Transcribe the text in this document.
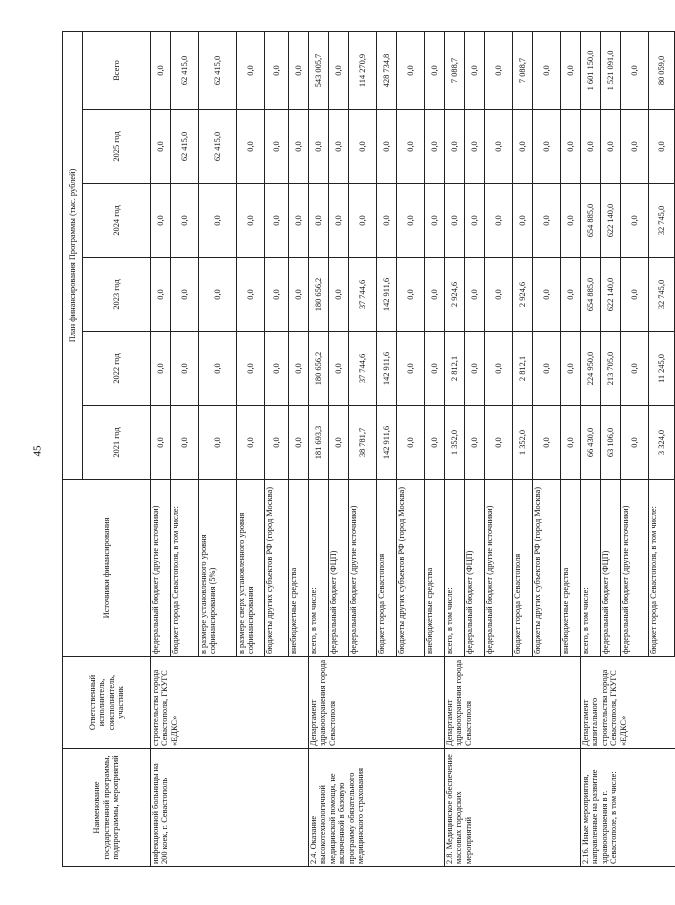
45
Наименование государственной программы, подпрограммы, мероприятий	Ответственный исполнитель, соисполнитель, участник	Источники финансирования	План финансирования Программы (тыс. рублей)					
			2021 год	2022 год	2023 год	2024 год	2025 год	Всего
инфекционной больницы на 200 коек, г. Севастополь	строительства города Севастополя, ГКУГС «ЕДКС»	федеральный бюджет (другие источники)	0,0	0,0	0,0	0,0	0,0	0,0
		бюджет города Севастополя, в том числе:	0,0	0,0	0,0	0,0	62 415,0	62 415,0
		в размере установленного уровня софинансирования (5%)	0,0	0,0	0,0	0,0	62 415,0	62 415,0
		в размере сверх установленного уровня софинансирования	0,0	0,0	0,0	0,0	0,0	0,0
		бюджеты других субъектов РФ (город Москва)	0,0	0,0	0,0	0,0	0,0	0,0
		внебюджетные средства	0,0	0,0	0,0	0,0	0,0	0,0
2.4. Оказание высокотехнологичной медицинской помощи, не включенной в базовую программу обязательного медицинского страхования	Департамент здравоохранения города Севастополя	всего, в том числе:	181 693,3	180 656,2	180 656,2	0,0	0,0	543 005,7
		федеральный бюджет (ФЦП)	0,0	0,0	0,0	0,0	0,0	0,0
		федеральный бюджет (другие источники)	38 781,7	37 744,6	37 744,6	0,0	0,0	114 270,9
		бюджет города Севастополя	142 911,6	142 911,6	142 911,6	0,0	0,0	428 734,8
		бюджеты других субъектов РФ (город Москва)	0,0	0,0	0,0	0,0	0,0	0,0
		внебюджетные средства	0,0	0,0	0,0	0,0	0,0	0,0
2.8. Медицинское обеспечение массовых городских мероприятий	Департамент здравоохранения города Севастополя	всего, в том числе:	1 352,0	2 812,1	2 924,6	0,0	0,0	7 088,7
		федеральный бюджет (ФЦП)	0,0	0,0	0,0	0,0	0,0	0,0
		федеральный бюджет (другие источники)	0,0	0,0	0,0	0,0	0,0	0,0
		бюджет города Севастополя	1 352,0	2 812,1	2 924,6	0,0	0,0	7 088,7
		бюджеты других субъектов РФ (город Москва)	0,0	0,0	0,0	0,0	0,0	0,0
		внебюджетные средства	0,0	0,0	0,0	0,0	0,0	0,0
2.16. Иные мероприятия, направленные на развитие здравоохранения в г. Севастополе, в том числе:	Департамент капитального строительства города Севастополя, ГКУГС «ЕДКС»	всего, в том числе:	66 430,0	224 950,0	654 885,0	654 885,0	0,0	1 601 150,0
		федеральный бюджет (ФЦП)	63 106,0	213 705,0	622 140,0	622 140,0	0,0	1 521 091,0
		федеральный бюджет (другие источники)	0,0	0,0	0,0	0,0	0,0	0,0
		бюджет города Севастополя, в том числе:	3 324,0	11 245,0	32 745,0	32 745,0	0,0	80 059,0
